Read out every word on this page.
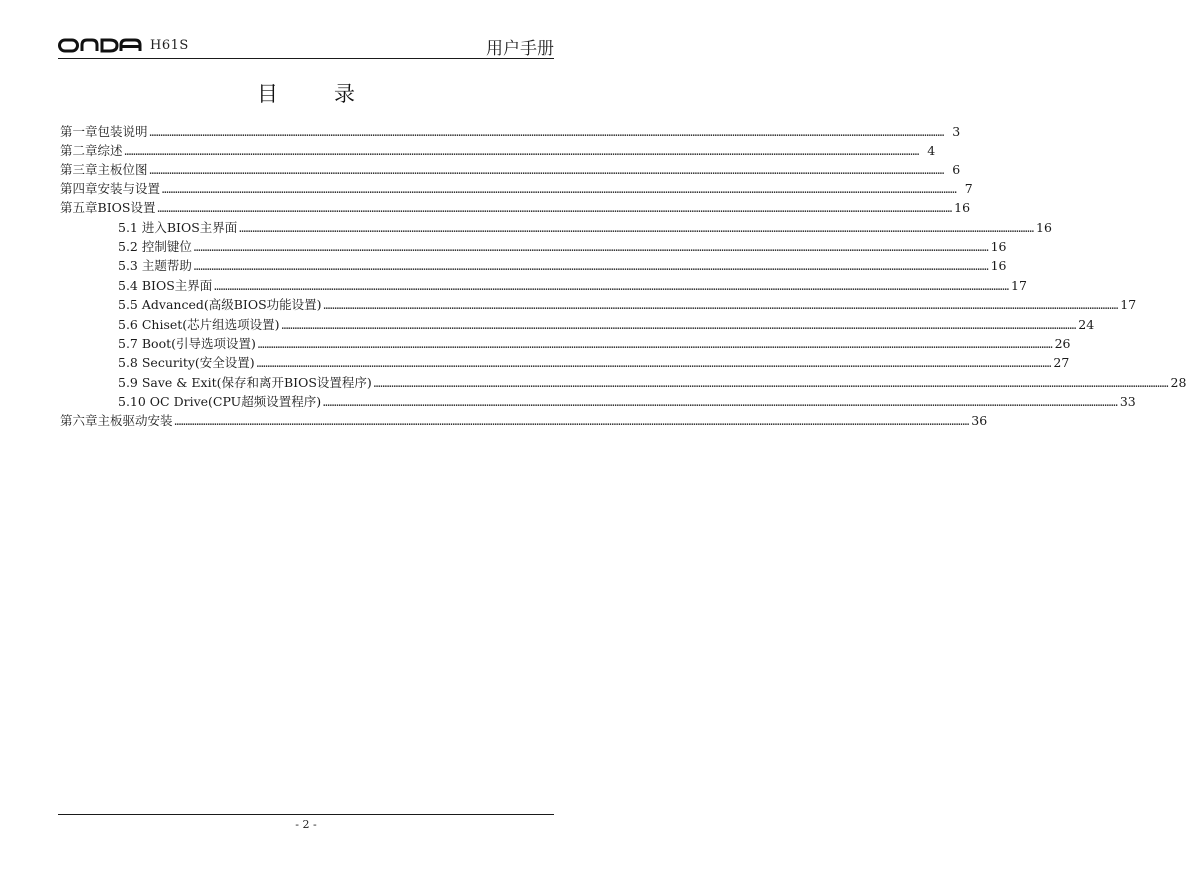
H61S	用户手册
目	录
第一章 包装说明 ……………………………………………………………………………………………………………………………………………………………………………………………………………………………………………………………………………………………………………………………… 3
第二章 综述 ……………………………………………………………………………………………………………………………………………………………………………………………………………………………………………………………………………………………………………………………… 4
第三章 主板位图 ……………………………………………………………………………………………………………………………………………………………………………………………………………………………………………………………………………………………………………………………… 6
第四章 安装与设置 ……………………………………………………………………………………………………………………………………………………………………………………………………………………………………………………………………………………………………………………………… 7
第五章 BIOS设置 ……………………………………………………………………………………………………………………………………………………………………………………………………………………………………………………………………………………………………………………………… 16
5.1 进入BIOS主界面 ……………………………………………………………………………………………………………………………………………………………………………………………………………………………………………………………………………………………………………………………… 16
5.2 控制键位 ……………………………………………………………………………………………………………………………………………………………………………………………………………………………………………………………………………………………………………………………… 16
5.3 主题帮助 ……………………………………………………………………………………………………………………………………………………………………………………………………………………………………………………………………………………………………………………………… 16
5.4 BIOS主界面 ……………………………………………………………………………………………………………………………………………………………………………………………………………………………………………………………………………………………………………………………… 17
5.5 Advanced(高级BIOS功能设置) ……………………………………………………………………………………………………………………………………………………………………………………………………………………………………………………………………………………………………………………………… 17
5.6 Chiset(芯片组选项设置) ……………………………………………………………………………………………………………………………………………………………………………………………………………………………………………………………………………………………………………………………… 24
5.7 Boot(引导选项设置) ……………………………………………………………………………………………………………………………………………………………………………………………………………………………………………………………………………………………………………………………… 26
5.8 Security(安全设置) ……………………………………………………………………………………………………………………………………………………………………………………………………………………………………………………………………………………………………………………………… 27
5.9 Save & Exit(保存和离开BIOS设置程序) ……………………………………………………………………………………………………………………………………………………………………………………………………………………………………………………………………………………………………………………………… 28
5.10 OC Drive(CPU超频设置程序) ……………………………………………………………………………………………………………………………………………………………………………………………………………………………………………………………………………………………………………………………… 33
第六章 主板驱动安装 ……………………………………………………………………………………………………………………………………………………………………………………………………………………………………………………………………………………………………………………………… 36
- 2 -
